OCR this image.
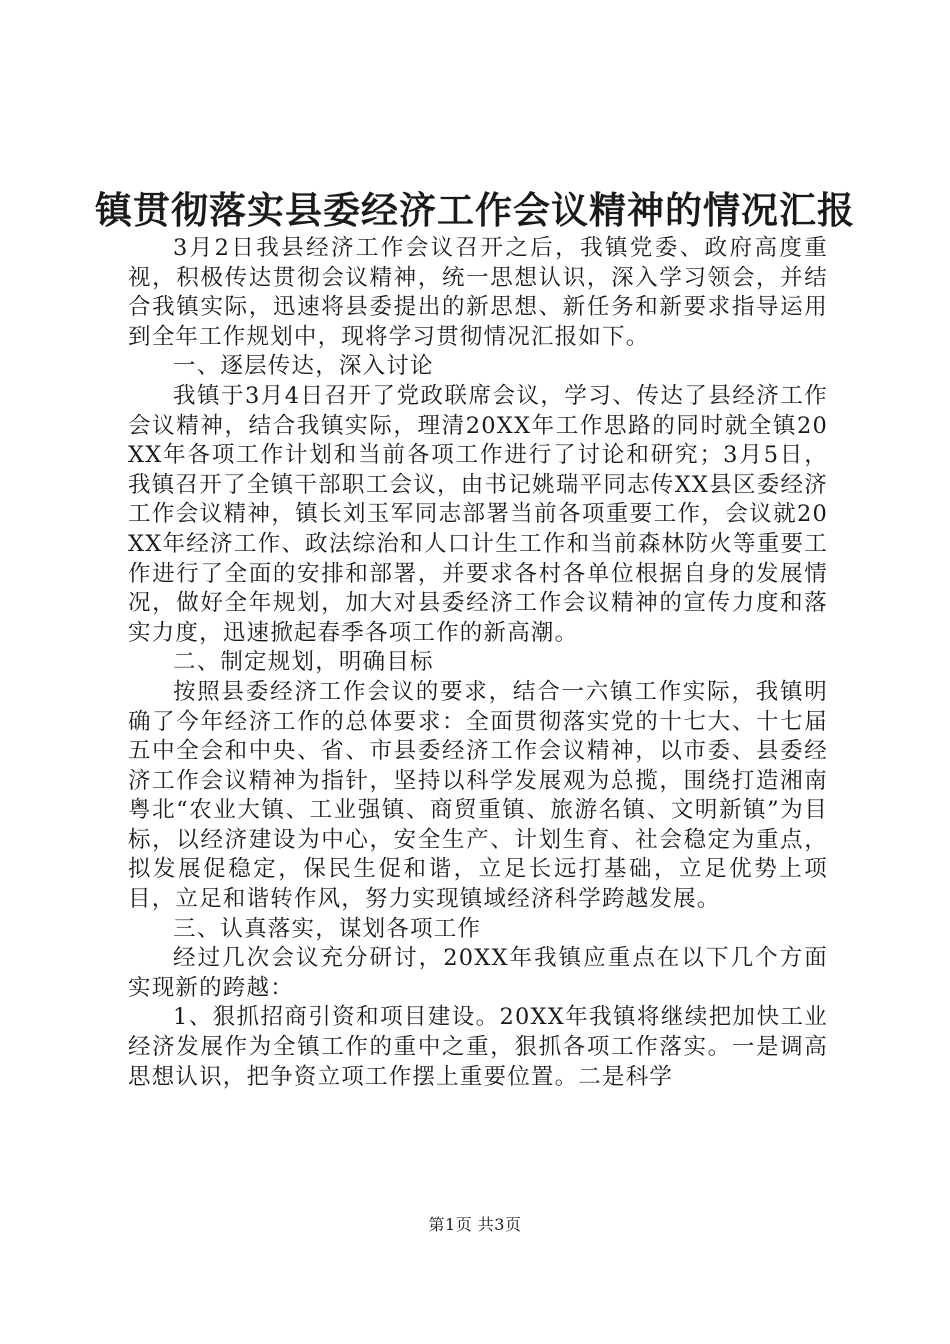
镇贯彻落实县委经济工作会议精神的情况汇报

3月2日我县经济工作会议召开之后，我镇党委、政府高度重视，积极传达贯彻会议精神，统一思想认识，深入学习领会，并结合我镇实际，迅速将县委提出的新思想、新任务和新要求指导运用到全年工作规划中，现将学习贯彻情况汇报如下。

一、逐层传达，深入讨论

我镇于3月4日召开了党政联席会议，学习、传达了县经济工作会议精神，结合我镇实际，理清20XX年工作思路的同时就全镇20XX年各项工作计划和当前各项工作进行了讨论和研究；3月5日，我镇召开了全镇干部职工会议，由书记姚瑞平同志传XX县区委经济工作会议精神，镇长刘玉军同志部署当前各项重要工作，会议就20XX年经济工作、政法综治和人口计生工作和当前森林防火等重要工作进行了全面的安排和部署，并要求各村各单位根据自身的发展情况，做好全年规划，加大对县委经济工作会议精神的宣传力度和落实力度，迅速掀起春季各项工作的新高潮。

二、制定规划，明确目标

按照县委经济工作会议的要求，结合一六镇工作实际，我镇明确了今年经济工作的总体要求：全面贯彻落实党的十七大、十七届五中全会和中央、省、市县委经济工作会议精神，以市委、县委经济工作会议精神为指针，坚持以科学发展观为总揽，围绕打造湘南粤北“农业大镇、工业强镇、商贸重镇、旅游名镇、文明新镇”为目标，以经济建设为中心，安全生产、计划生育、社会稳定为重点，拟发展促稳定，保民生促和谐，立足长远打基础，立足优势上项目，立足和谐转作风，努力实现镇域经济科学跨越发展。

三、认真落实，谋划各项工作

经过几次会议充分研讨，20XX年我镇应重点在以下几个方面实现新的跨越：

1、狠抓招商引资和项目建设。20XX年我镇将继续把加快工业经济发展作为全镇工作的重中之重，狠抓各项工作落实。一是调高思想认识，把争资立项工作摆上重要位置。二是科学

第1页 共3页
